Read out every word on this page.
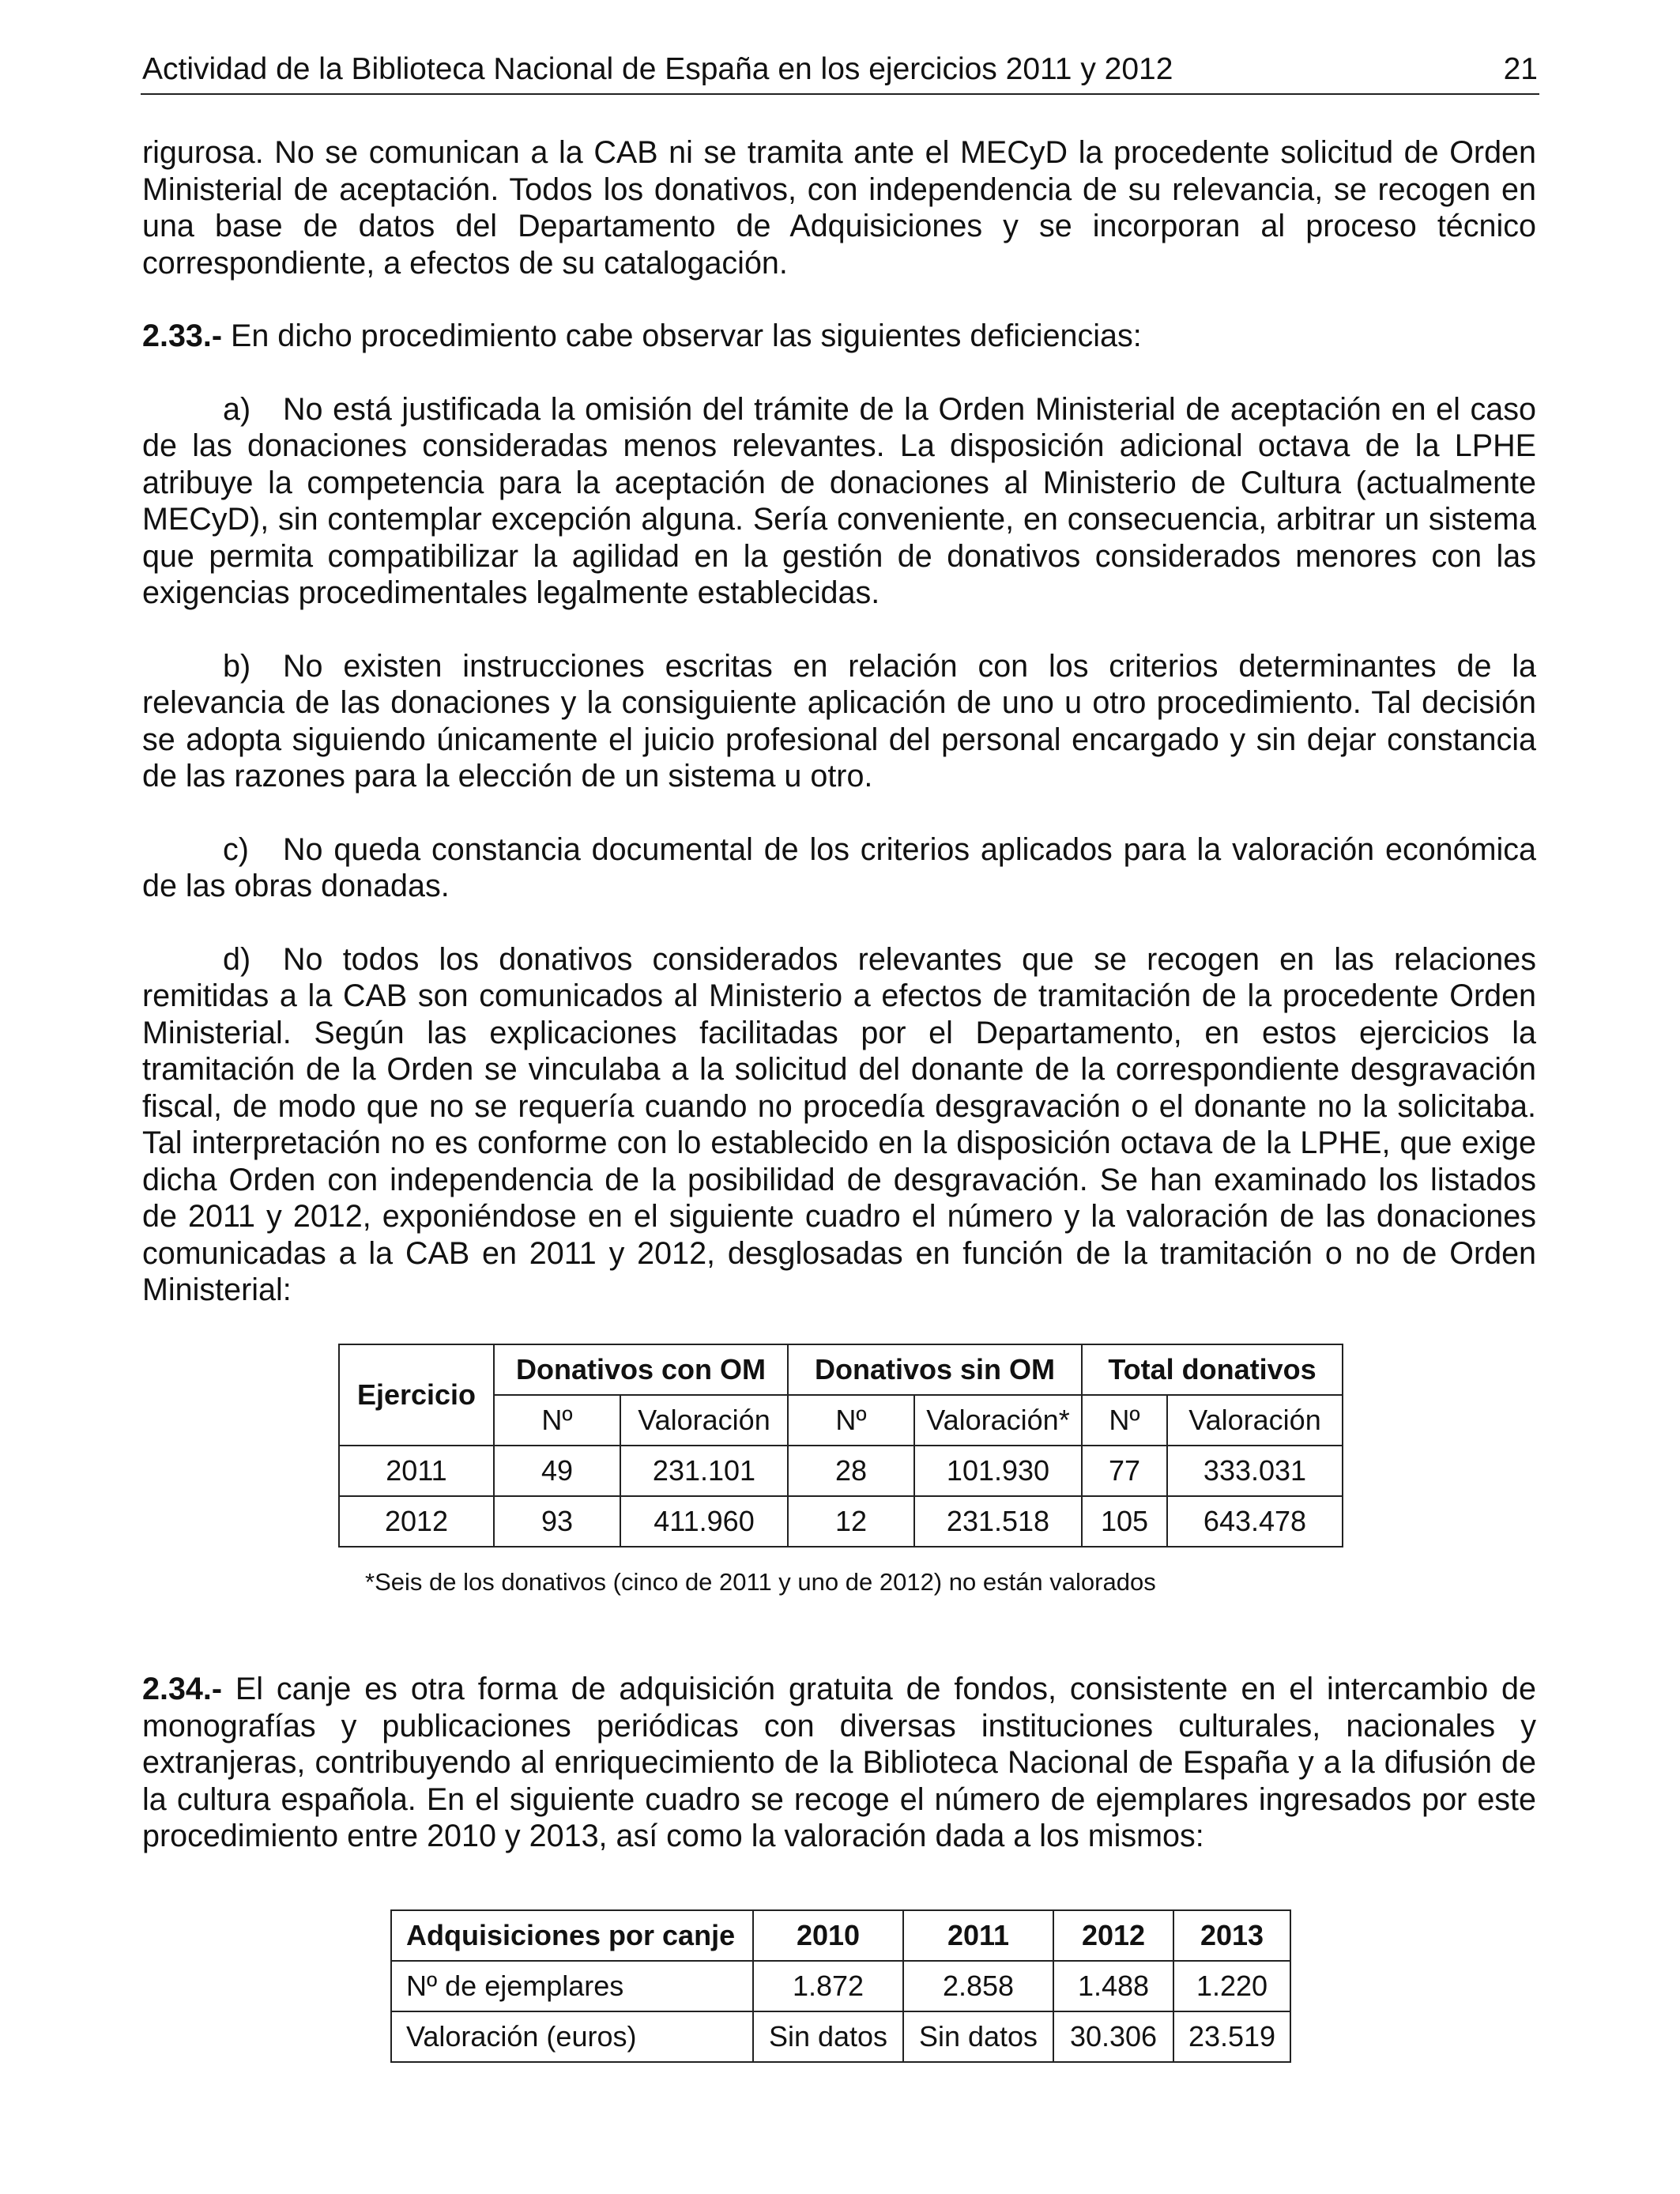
Actividad de la Biblioteca Nacional de España en los ejercicios 2011 y 2012	21

rigurosa. No se comunican a la CAB ni se tramita ante el MECyD la procedente solicitud de Orden Ministerial de aceptación. Todos los donativos, con independencia de su relevancia, se recogen en una base de datos del Departamento de Adquisiciones y se incorporan al proceso técnico correspondiente, a efectos de su catalogación.

2.33.- En dicho procedimiento cabe observar las siguientes deficiencias:

a) No está justificada la omisión del trámite de la Orden Ministerial de aceptación en el caso de las donaciones consideradas menos relevantes. La disposición adicional octava de la LPHE atribuye la competencia para la aceptación de donaciones al Ministerio de Cultura (actualmente MECyD), sin contemplar excepción alguna. Sería conveniente, en consecuencia, arbitrar un sistema que permita compatibilizar la agilidad en la gestión de donativos considerados menores con las exigencias procedimentales legalmente establecidas.

b) No existen instrucciones escritas en relación con los criterios determinantes de la relevancia de las donaciones y la consiguiente aplicación de uno u otro procedimiento. Tal decisión se adopta siguiendo únicamente el juicio profesional del personal encargado y sin dejar constancia de las razones para la elección de un sistema u otro.

c) No queda constancia documental de los criterios aplicados para la valoración económica de las obras donadas.

d) No todos los donativos considerados relevantes que se recogen en las relaciones remitidas a la CAB son comunicados al Ministerio a efectos de tramitación de la procedente Orden Ministerial. Según las explicaciones facilitadas por el Departamento, en estos ejercicios la tramitación de la Orden se vinculaba a la solicitud del donante de la correspondiente desgravación fiscal, de modo que no se requería cuando no procedía desgravación o el donante no la solicitaba. Tal interpretación no es conforme con lo establecido en la disposición octava de la LPHE, que exige dicha Orden con independencia de la posibilidad de desgravación. Se han examinado los listados de 2011 y 2012, exponiéndose en el siguiente cuadro el número y la valoración de las donaciones comunicadas a la CAB en 2011 y 2012, desglosadas en función de la tramitación o no de Orden Ministerial:

Ejercicio	Donativos con OM		Donativos sin OM		Total donativos	
	Nº	Valoración	Nº	Valoración*	Nº	Valoración
2011	49	231.101	28	101.930	77	333.031
2012	93	411.960	12	231.518	105	643.478
*Seis de los donativos (cinco de 2011 y uno de 2012) no están valorados

2.34.- El canje es otra forma de adquisición gratuita de fondos, consistente en el intercambio de monografías y publicaciones periódicas con diversas instituciones culturales, nacionales y extranjeras, contribuyendo al enriquecimiento de la Biblioteca Nacional de España y a la difusión de la cultura española. En el siguiente cuadro se recoge el número de ejemplares ingresados por este procedimiento entre 2010 y 2013, así como la valoración dada a los mismos:

Adquisiciones por canje	2010	2011	2012	2013
Nº de ejemplares	1.872	2.858	1.488	1.220
Valoración (euros)	Sin datos	Sin datos	30.306	23.519
